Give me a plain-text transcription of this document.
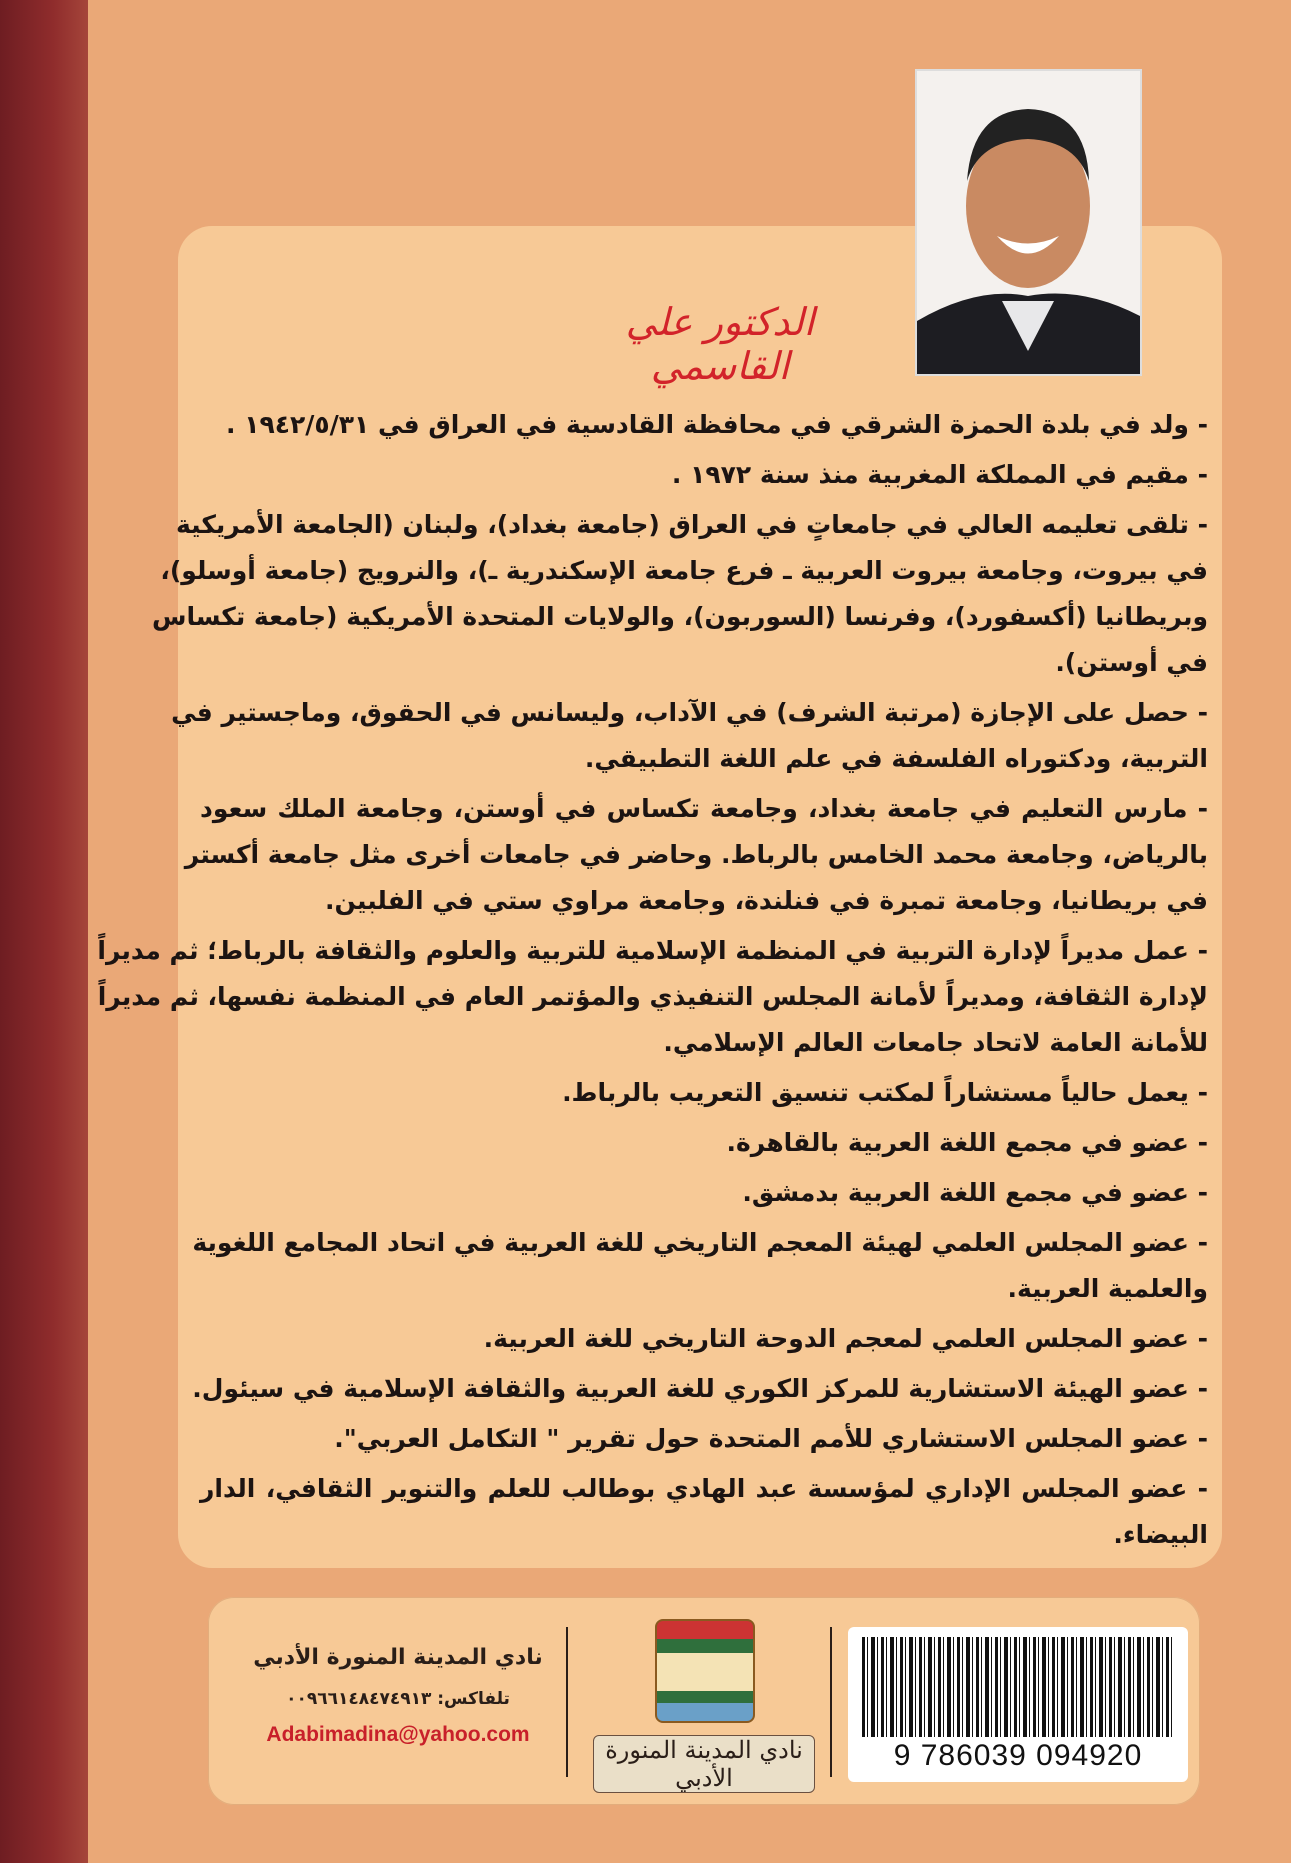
الدكتور علي القاسمي
- ولد في بلدة الحمزة الشرقي في محافظة القادسية في العراق في ١٩٤٢/٥/٣١ .
- مقيم في المملكة المغربية منذ سنة ١٩٧٢ .
- تلقى تعليمه العالي في جامعاتٍ في العراق (جامعة بغداد)، ولبنان (الجامعة الأمريكية
في بيروت، وجامعة بيروت العربية ـ فرع جامعة الإسكندرية ـ)، والنرويج (جامعة أوسلو)،
وبريطانيا (أكسفورد)، وفرنسا (السوربون)، والولايات المتحدة الأمريكية (جامعة تكساس
في أوستن).
- حصل على الإجازة (مرتبة الشرف) في الآداب، وليسانس في الحقوق، وماجستير في
التربية، ودكتوراه الفلسفة في علم اللغة التطبيقي.
- مارس التعليم في جامعة بغداد، وجامعة تكساس في أوستن، وجامعة الملك سعود
بالرياض، وجامعة محمد الخامس بالرباط. وحاضر في جامعات أخرى مثل جامعة أكستر
في بريطانيا، وجامعة تمبرة في فنلندة، وجامعة مراوي ستي في الفلبين.
- عمل مديراً لإدارة التربية في المنظمة الإسلامية للتربية والعلوم والثقافة بالرباط؛ ثم مديراً
لإدارة الثقافة، ومديراً لأمانة المجلس التنفيذي والمؤتمر العام في المنظمة نفسها، ثم مديراً
للأمانة العامة لاتحاد جامعات العالم الإسلامي.
- يعمل حالياً مستشاراً لمكتب تنسيق التعريب بالرباط.
- عضو في مجمع اللغة العربية بالقاهرة.
- عضو في مجمع اللغة العربية بدمشق.
- عضو المجلس العلمي لهيئة المعجم التاريخي للغة العربية في اتحاد المجامع اللغوية
والعلمية العربية.
- عضو المجلس العلمي لمعجم الدوحة التاريخي للغة العربية.
- عضو الهيئة الاستشارية للمركز الكوري للغة العربية والثقافة الإسلامية في سيئول.
- عضو المجلس الاستشاري للأمم المتحدة حول تقرير " التكامل العربي".
- عضو المجلس الإداري لمؤسسة عبد الهادي بوطالب للعلم والتنوير الثقافي، الدار
البيضاء.
نادي المدينة المنورة الأدبي
تلفاكس: ٠٠٩٦٦١٤٨٤٧٤٩١٣
Adabimadina@yahoo.com
نادي المدينة المنورة الأدبي
9 786039 094920
